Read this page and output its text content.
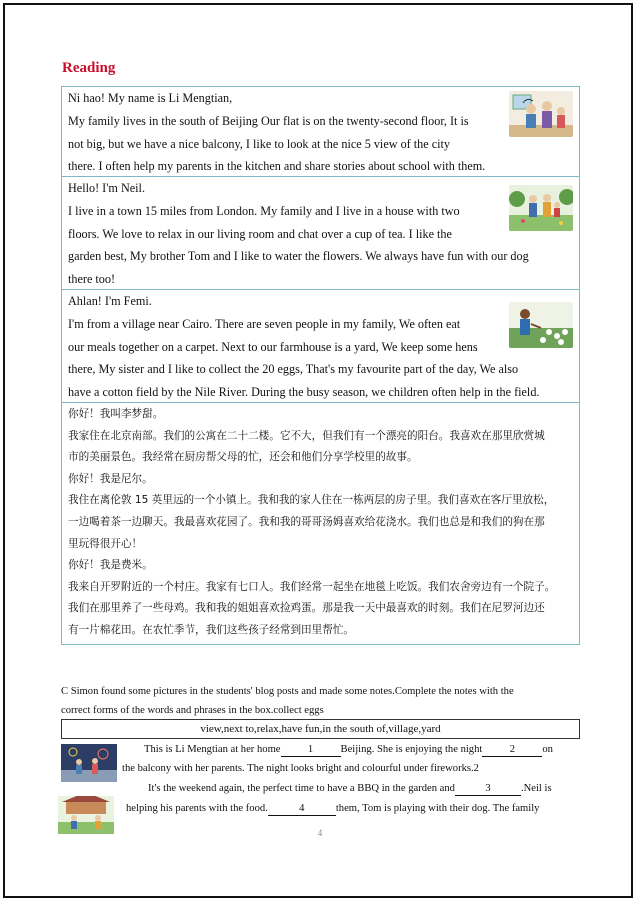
Reading
Ni hao! My name is Li Mengtian,
My family lives in the south of Beijing Our flat is on the twenty-second floor, It is
not big, but we have a nice balcony, I like to look at the nice 5 view of the city
there. I often help my parents in the kitchen and share stories about school with them.
Hello! I'm Neil.
I live in a town 15 miles from London. My family and I live in a house with two
floors. We love to relax in our living room and chat over a cup of tea. I like the
garden best, My brother Tom and I like to water the flowers. We always have fun with our dog
there too!
Ahlan! I'm Femi.
I'm from a village near Cairo. There are seven people in my family, We often eat
our meals together on a carpet. Next to our farmhouse is a yard, We keep some hens
there, My sister and I like to collect the 20 eggs, That's my favourite part of the day, We also
have a cotton field by the Nile River. During the busy season, we children often help in the field.
你好！我叫李梦甜。
我家住在北京南部。我们的公寓在二十二楼。它不大，但我们有一个漂亮的阳台。我喜欢在那里欣赏城
市的美丽景色。我经常在厨房帮父母的忙，还会和他们分享学校里的故事。
你好！我是尼尔。
我住在离伦敦 15 英里远的一个小镇上。我和我的家人住在一栋两层的房子里。我们喜欢在客厅里放松，
一边喝着茶一边聊天。我最喜欢花园了。我和我的哥哥汤姆喜欢给花浇水。我们也总是和我们的狗在那
里玩得很开心！
你好！我是费米。
我来自开罗附近的一个村庄。我家有七口人。我们经常一起坐在地毯上吃饭。我们农舍旁边有一个院子。
我们在那里养了一些母鸡。我和我的姐姐喜欢捡鸡蛋。那是我一天中最喜欢的时刻。我们在尼罗河边还
有一片棉花田。在农忙季节，我们这些孩子经常到田里帮忙。
C Simon found some pictures in the students' blog posts and made some notes.Complete the notes with the
correct forms of the words and phrases in the box.collect eggs
view,next to,relax,have fun,in the south of,village,yard
This is Li Mengtian at her home	1	Beijing. She is enjoying the night	2	on
the balcony with her parents. The night looks bright and colourful under fireworks.2
It's the weekend again, the perfect time to have a BBQ in the garden and	3	.Neil is
helping his parents with the food.	4	them, Tom is playing with their dog. The family
4
